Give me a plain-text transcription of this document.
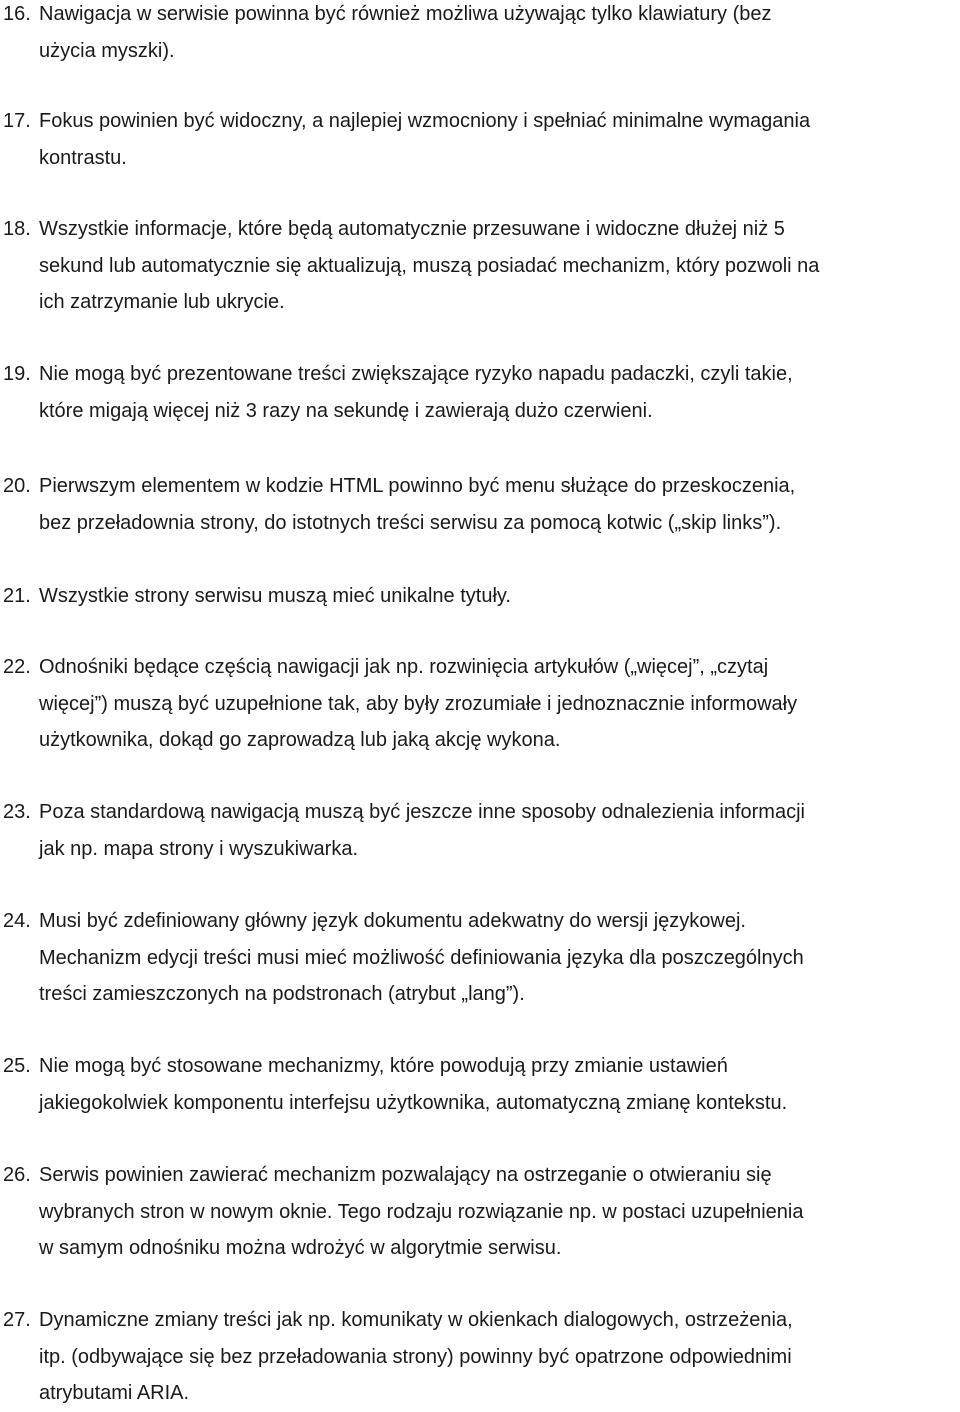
16. Nawigacja w serwisie powinna być również możliwa używając tylko klawiatury (bez
użycia myszki).
17. Fokus powinien być widoczny, a najlepiej wzmocniony i spełniać minimalne wymagania
kontrastu.
18. Wszystkie informacje, które będą automatycznie przesuwane i widoczne dłużej niż 5
sekund lub automatycznie się aktualizują, muszą posiadać mechanizm, który pozwoli na
ich zatrzymanie lub ukrycie.
19. Nie mogą być prezentowane treści zwiększające ryzyko napadu padaczki, czyli takie,
które migają więcej niż 3 razy na sekundę i zawierają dużo czerwieni.
20. Pierwszym elementem w kodzie HTML powinno być menu służące do przeskoczenia,
bez przeładownia strony, do istotnych treści serwisu za pomocą kotwic („skip links”).
21. Wszystkie strony serwisu muszą mieć unikalne tytuły.
22. Odnośniki będące częścią nawigacji jak np. rozwinięcia artykułów („więcej”, „czytaj
więcej”) muszą być uzupełnione tak, aby były zrozumiałe i jednoznacznie informowały
użytkownika, dokąd go zaprowadzą lub jaką akcję wykona.
23. Poza standardową nawigacją muszą być jeszcze inne sposoby odnalezienia informacji
jak np. mapa strony i wyszukiwarka.
24. Musi być zdefiniowany główny język dokumentu adekwatny do wersji językowej.
Mechanizm edycji treści musi mieć możliwość definiowania języka dla poszczególnych
treści zamieszczonych na podstronach (atrybut „lang”).
25. Nie mogą być stosowane mechanizmy, które powodują przy zmianie ustawień
jakiegokolwiek komponentu interfejsu użytkownika, automatyczną zmianę kontekstu.
26. Serwis powinien zawierać mechanizm pozwalający na ostrzeganie o otwieraniu się
wybranych stron w nowym oknie. Tego rodzaju rozwiązanie np. w postaci uzupełnienia
w samym odnośniku można wdrożyć w algorytmie serwisu.
27. Dynamiczne zmiany treści jak np. komunikaty w okienkach dialogowych, ostrzeżenia,
itp. (odbywające się bez przeładowania strony) powinny być opatrzone odpowiednimi
atrybutami ARIA.
